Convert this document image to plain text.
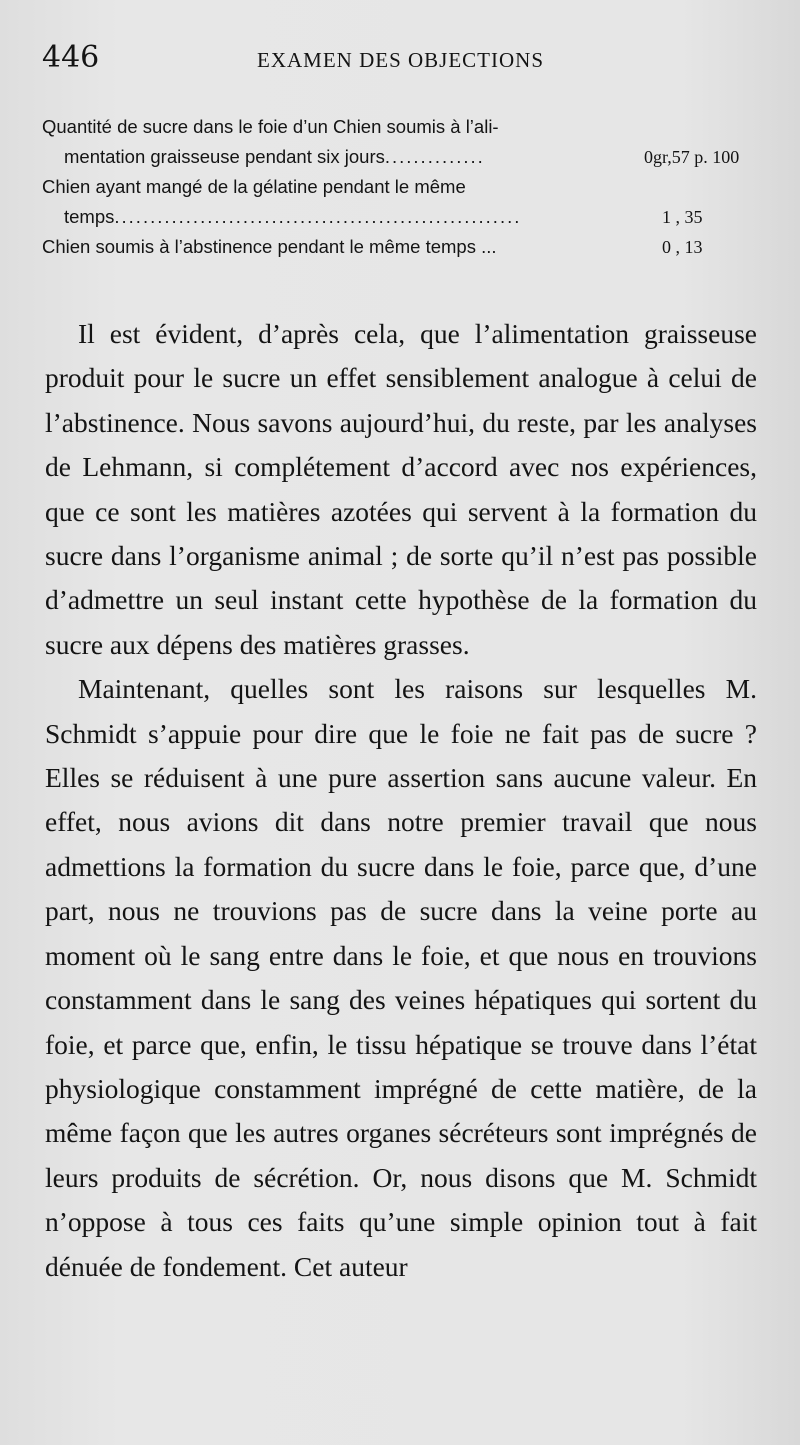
446	EXAMEN DES OBJECTIONS
Quantité de sucre dans le foie d’un Chien soumis à l’ali-
mentation graisseuse pendant six jours..............	0gr,57 p. 100
Chien ayant mangé de la gélatine pendant le même
temps.........................................................	1 , 35
Chien soumis à l’abstinence pendant le même temps ...	0 , 13

Il est évident, d’après cela, que l’alimentation graisseuse produit pour le sucre un effet sensiblement analogue à celui de l’abstinence. Nous savons aujourd’hui, du reste, par les analyses de Lehmann, si complétement d’accord avec nos expériences, que ce sont les matières azotées qui servent à la formation du sucre dans l’organisme animal ; de sorte qu’il n’est pas possible d’admettre un seul instant cette hypothèse de la formation du sucre aux dépens des matières grasses.

Maintenant, quelles sont les raisons sur lesquelles M. Schmidt s’appuie pour dire que le foie ne fait pas de sucre ? Elles se réduisent à une pure assertion sans aucune valeur. En effet, nous avions dit dans notre premier travail que nous admettions la formation du sucre dans le foie, parce que, d’une part, nous ne trouvions pas de sucre dans la veine porte au moment où le sang entre dans le foie, et que nous en trouvions constamment dans le sang des veines hépatiques qui sortent du foie, et parce que, enfin, le tissu hépatique se trouve dans l’état physiologique constamment imprégné de cette matière, de la même façon que les autres organes sécréteurs sont imprégnés de leurs produits de sécrétion. Or, nous disons que M. Schmidt n’oppose à tous ces faits qu’une simple opinion tout à fait dénuée de fondement. Cet auteur
